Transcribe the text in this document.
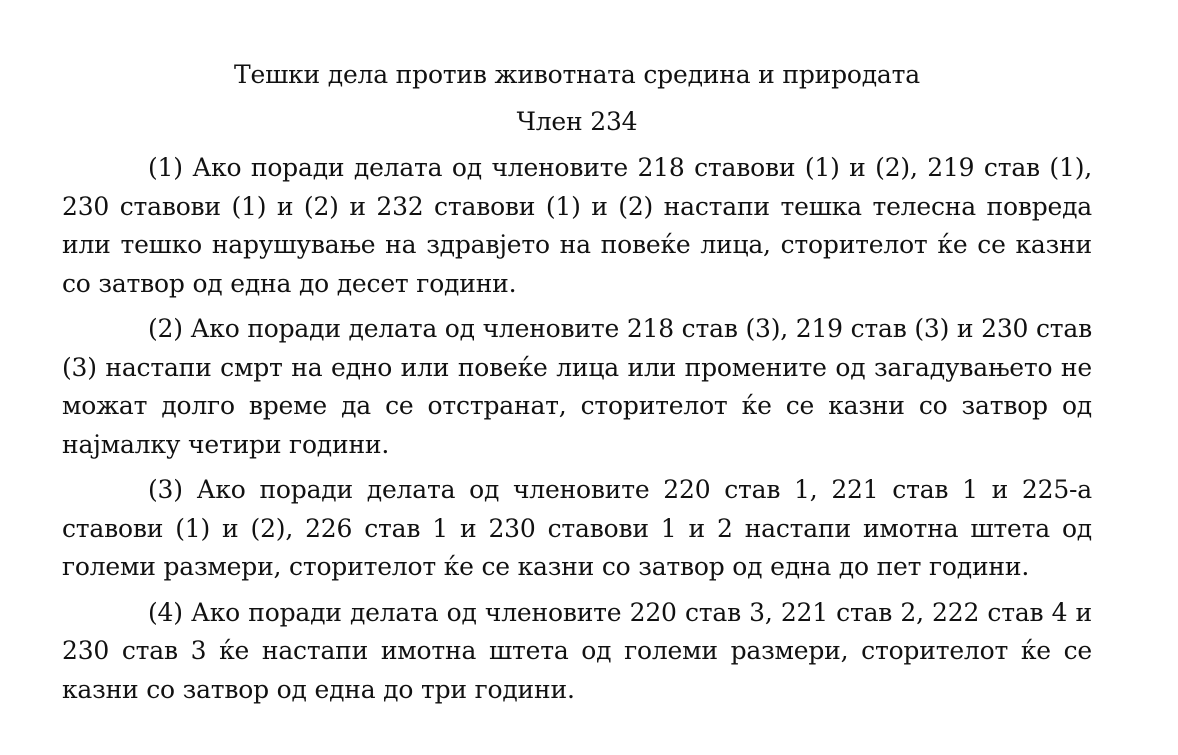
Тешки дела против животната средина и природата
Член 234

(1) Ако поради делата од членовите 218 ставови (1) и (2), 219 став (1), 230 ставови (1) и (2) и 232 ставови (1) и (2) настапи тешка телесна повреда или тешко нарушување на здравјето на повеќе лица, сторителот ќе се казни со затвор од една до десет години.

(2) Ако поради делата од членовите 218 став (3), 219 став (3) и 230 став (3) настапи смрт на едно или повеќе лица или промените од загадувањето не можат долго време да се отстранат, сторителот ќе се казни со затвор од најмалку четири години.

(3) Ако поради делата од членовите 220 став 1, 221 став 1 и 225-а ставови (1) и (2), 226 став 1 и 230 ставови 1 и 2 настапи имотна штета од големи размери, сторителот ќе се казни со затвор од една до пет години.

(4) Ако поради делата од членовите 220 став 3, 221 став 2, 222 став 4 и 230 став 3 ќе настапи имотна штета од големи размери, сторителот ќе се казни со затвор од една до три години.
